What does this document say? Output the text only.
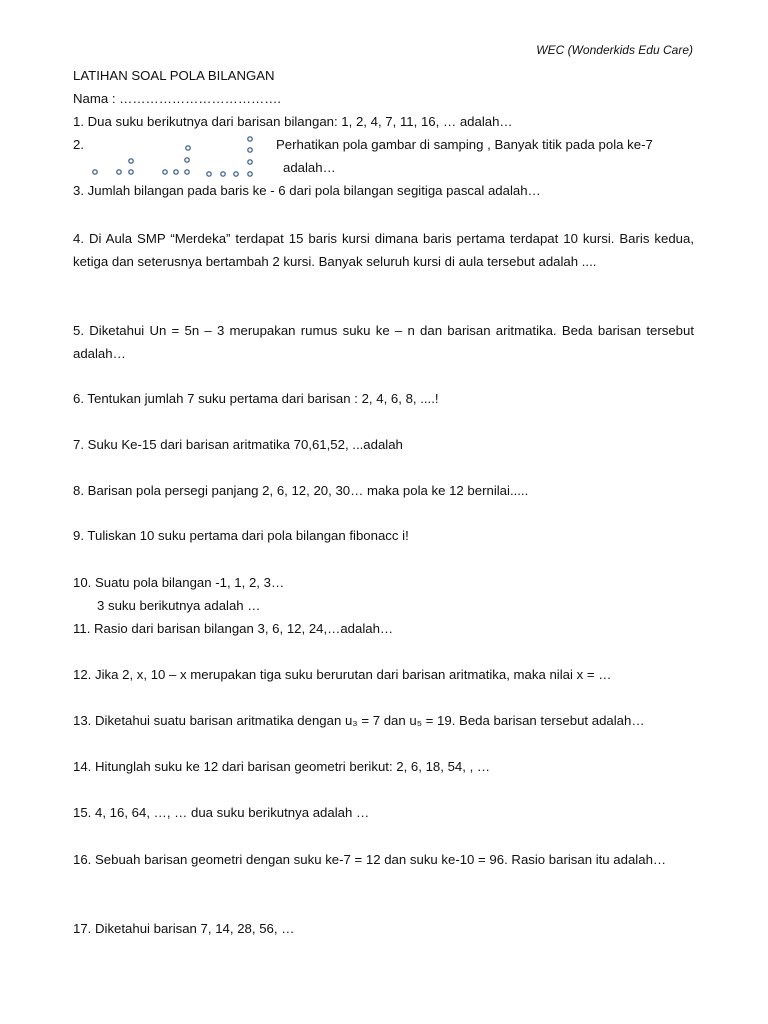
WEC (Wonderkids Edu Care)
LATIHAN SOAL POLA BILANGAN
Nama : ……………………………….
1. Dua suku berikutnya dari barisan bilangan: 1, 2, 4, 7, 11, 16, … adalah…
2.	Perhatikan pola gambar di samping , Banyak titik pada pola ke-7
adalah…
3. Jumlah bilangan pada baris ke - 6 dari pola bilangan segitiga pascal adalah…
4. Di Aula SMP “Merdeka” terdapat 15 baris kursi dimana baris pertama terdapat 10 kursi. Baris kedua, ketiga dan seterusnya bertambah 2 kursi. Banyak seluruh kursi di aula tersebut adalah ....
5. Diketahui Un = 5n – 3 merupakan rumus suku ke – n dan barisan aritmatika. Beda barisan tersebut adalah…
6. Tentukan jumlah 7 suku pertama dari barisan : 2, 4, 6, 8, ....!
7. Suku Ke-15 dari barisan aritmatika 70,61,52, ...adalah
8. Barisan pola persegi panjang 2, 6, 12, 20, 30… maka pola ke 12 bernilai.....
9. Tuliskan 10 suku pertama dari pola bilangan fibonacc i!
10. Suatu pola bilangan -1, 1, 2, 3…
3 suku berikutnya adalah …
11. Rasio dari barisan bilangan 3, 6, 12, 24,…adalah…
12. Jika 2, x, 10 – x merupakan tiga suku berurutan dari barisan aritmatika, maka nilai x = …
13. Diketahui suatu barisan aritmatika dengan u₃ = 7 dan u₅ = 19. Beda barisan tersebut adalah…
14. Hitunglah suku ke 12 dari barisan geometri berikut: 2, 6, 18, 54, , …
15. 4, 16, 64, …, … dua suku berikutnya adalah …
16. Sebuah barisan geometri dengan suku ke-7 = 12 dan suku ke-10 = 96. Rasio barisan itu adalah…
17. Diketahui barisan 7, 14, 28, 56, …
